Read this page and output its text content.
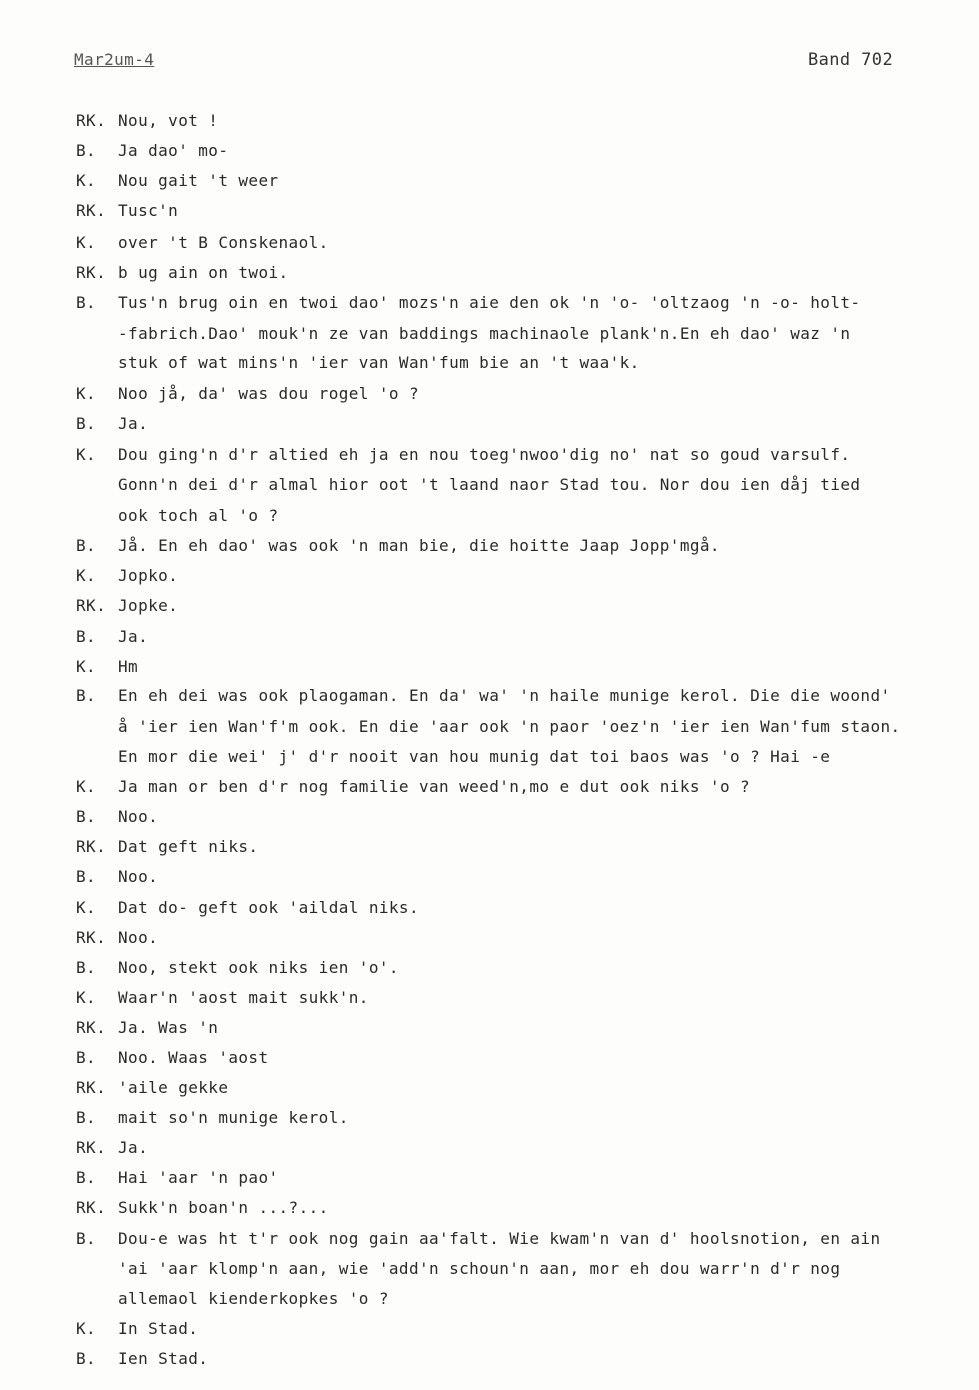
Mar2um-4	Band 702
RK. Nou, vot !
B.	Ja dao' mo-
K.	Nou gait 't weer
RK. Tusc'n
K.	over 't B Conskenaol.
RK. b ug ain on twoi.
B.	Tus'n brug oin en twoi dao' mozs'n aie den ok 'n 'o- 'oltzaog 'n -o- holt-
-fabrich.Dao' mouk'n ze van baddings machinaole plank'n.En eh dao' waz 'n
stuk of wat mins'n 'ier van Wan'fum bie an 't waa'k.
K.	Noo jå, da' was dou rogel 'o ?
B.	Ja.
K.	Dou ging'n d'r altied eh ja en nou toeg'nwoo'dig no' nat so goud varsulf.
Gonn'n dei d'r almal hior oot 't laand naor Stad tou. Nor dou ien dåj tied
ook toch al 'o ?
B.	Jå. En eh dao' was ook 'n man bie, die hoitte Jaap Jopp'mgå.
K.	Jopko.
RK. Jopke.
B.	Ja.
K.	Hm
B.	En eh dei was ook plaogaman. En da' wa' 'n haile munige kerol. Die die woond'
å 'ier ien Wan'f'm ook. En die 'aar ook 'n paor 'oez'n 'ier ien Wan'fum staon.
En mor die wei' j' d'r nooit van hou munig dat toi baos was 'o ? Hai -e
K.	Ja man or ben d'r nog familie van weed'n,mo e dut ook niks 'o ?
B.	Noo.
RK. Dat geft niks.
B.	Noo.
K.	Dat do- geft ook 'aildal niks.
RK. Noo.
B.	Noo, stekt ook niks ien 'o'.
K.	Waar'n 'aost mait sukk'n.
RK. Ja. Was 'n
B.	Noo. Waas 'aost
RK. 'aile gekke
B.	mait so'n munige kerol.
RK. Ja.
B.	Hai 'aar 'n pao'
RK. Sukk'n boan'n ...?...
B.	Dou-e was ht t'r ook nog gain aa'falt. Wie kwam'n van d' hoolsnotion, en ain
'ai 'aar klomp'n aan, wie 'add'n schoun'n aan, mor eh dou warr'n d'r nog
allemaol kienderkopkes 'o ?
K.	In Stad.
B.	Ien Stad.
